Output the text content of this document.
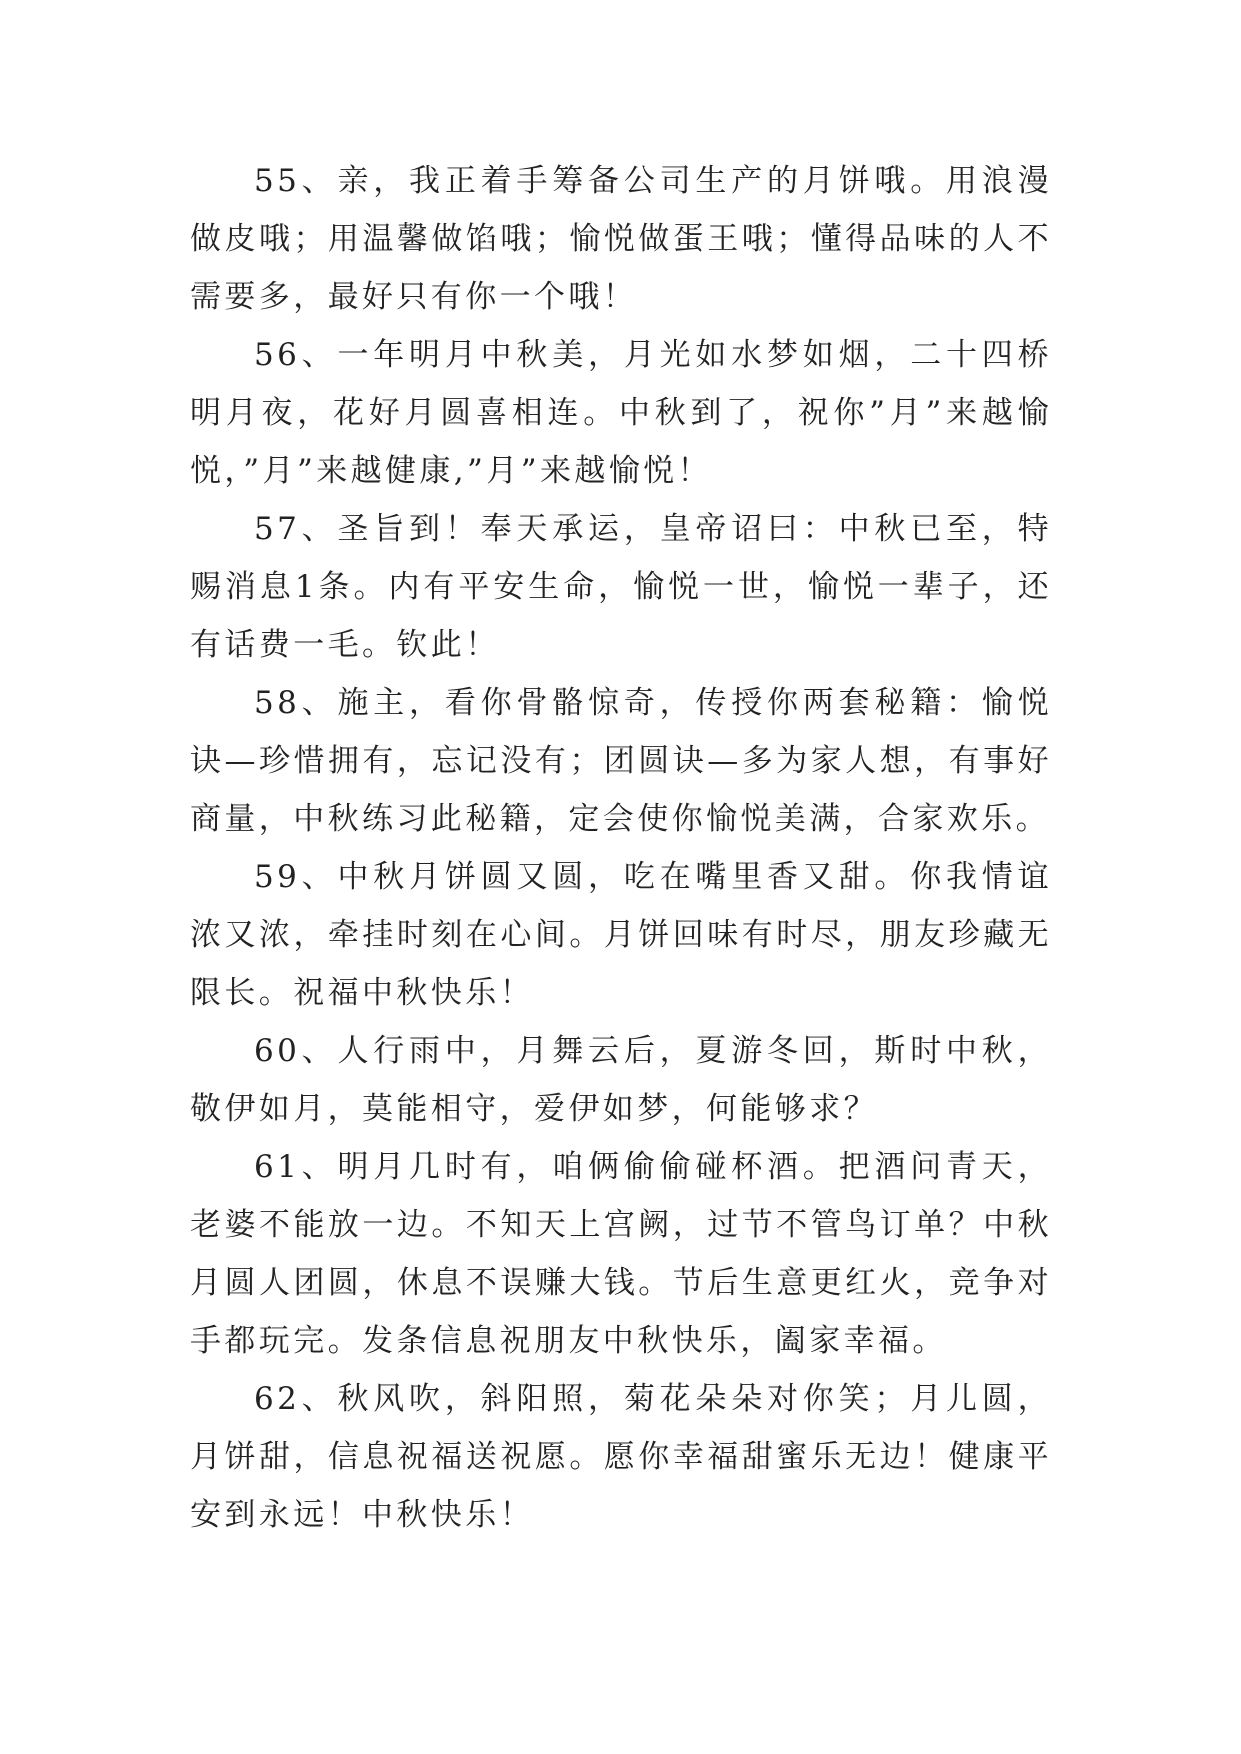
55、亲，我正着手筹备公司生产的月饼哦。用浪漫做皮哦；用温馨做馅哦；愉悦做蛋王哦；懂得品味的人不需要多，最好只有你一个哦！

56、一年明月中秋美，月光如水梦如烟，二十四桥明月夜，花好月圆喜相连。中秋到了，祝你”月”来越愉悦，”月”来越健康,”月”来越愉悦！

57、圣旨到！奉天承运，皇帝诏曰：中秋已至，特赐消息1条。内有平安生命，愉悦一世，愉悦一辈子，还有话费一毛。钦此！

58、施主，看你骨骼惊奇，传授你两套秘籍：愉悦诀—珍惜拥有，忘记没有；团圆诀—多为家人想，有事好商量，中秋练习此秘籍，定会使你愉悦美满，合家欢乐。

59、中秋月饼圆又圆，吃在嘴里香又甜。你我情谊浓又浓，牵挂时刻在心间。月饼回味有时尽，朋友珍藏无限长。祝福中秋快乐！

60、人行雨中，月舞云后，夏游冬回，斯时中秋，敬伊如月，莫能相守，爱伊如梦，何能够求？

61、明月几时有，咱俩偷偷碰杯酒。把酒问青天，老婆不能放一边。不知天上宫阙，过节不管鸟订单？中秋月圆人团圆，休息不误赚大钱。节后生意更红火，竞争对手都玩完。发条信息祝朋友中秋快乐，阖家幸福。

62、秋风吹，斜阳照，菊花朵朵对你笑；月儿圆，月饼甜，信息祝福送祝愿。愿你幸福甜蜜乐无边！健康平安到永远！中秋快乐！
